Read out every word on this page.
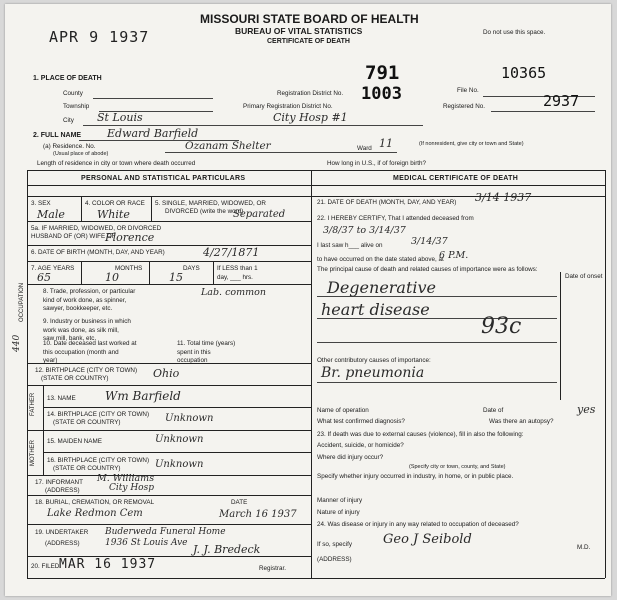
APR 9 1937
MISSOURI STATE BOARD OF HEALTH
BUREAU OF VITAL STATISTICS
CERTIFICATE OF DEATH
Do not use this space.
1. PLACE OF DEATH
County
Township
City St Louis
Registration District No.
791
Primary Registration District No.
1003
City Hosp #1
File No.
10365
Registered No.	2937
2. FULL NAME Edward Barfield
(a) Residence. No.
(Usual place of abode)
Ozanam Shelter	Ward 11	(If nonresident, give city or town and State)
Length of residence in city or town where death occurred	How long in U.S., if of foreign birth?
PERSONAL AND STATISTICAL PARTICULARS	MEDICAL CERTIFICATE OF DEATH
3. SEX
Male
4. COLOR OR RACE
White
5. SINGLE, MARRIED, WIDOWED, OR
DIVORCED (write the word)
Separated
5a. IF MARRIED, WIDOWED, OR DIVORCED
HUSBAND OF (OR) WIFE OF
Florence
6. DATE OF BIRTH (MONTH, DAY, AND YEAR)	4/27/1871
7. AGE YEARS	MONTHS	DAYS	If LESS than 1
day, ___ hrs.
65	10	15
OCCUPATION	8. Trade, profession, or particular
kind of work done, as spinner,
sawyer, bookkeeper, etc.
Lab. common
9. Industry or business in which
work was done, as silk mill,
saw mill, bank, etc.
10. Date deceased last worked at
this occupation (month and
year)
11. Total time (years)
spent in this
occupation
12. BIRTHPLACE (CITY OR TOWN)
(STATE OR COUNTRY)	Ohio
FATHER
MOTHER
13. NAME Wm Barfield
14. BIRTHPLACE (CITY OR TOWN)
(STATE OR COUNTRY)	Unknown
15. MAIDEN NAME	Unknown
16. BIRTHPLACE (CITY OR TOWN)
(STATE OR COUNTRY)	Unknown
17. INFORMANT
(ADDRESS)
M. Williams
City Hosp
18. BURIAL, CREMATION, OR REMOVAL	DATE
Lake Redmon Cem	March 16 1937
19. UNDERTAKER
(ADDRESS)
Buderweda Funeral Home
1936 St Louis Ave J. J. Bredeck
20. FILED MAR 16 1937	Registrar.
21. DATE OF DEATH (MONTH, DAY, AND YEAR) 3/14 1937
22. I HEREBY CERTIFY, That I attended deceased from
3/8/37 to 3/14/37
I last saw h___ alive on	3/14/37
to have occurred on the date stated above, at
6 P.M.
The principal cause of death and related causes of importance were as follows:
Date of onset
Degenerative
heart disease
93c
Other contributory causes of importance:
Br. pneumonia
Name of operation	Date of
What test confirmed diagnosis?	Was there an autopsy?
yes
23. If death was due to external causes (violence), fill in also the following:
Accident, suicide, or homicide?
Where did injury occur?
(Specify city or town, county, and State)
Specify whether injury occurred in industry, in home, or in public place.
Manner of injury
Nature of injury
24. Was disease or injury in any way related to occupation of deceased?
If so, specify
(ADDRESS)
Geo J Seibold
M.D.
440
